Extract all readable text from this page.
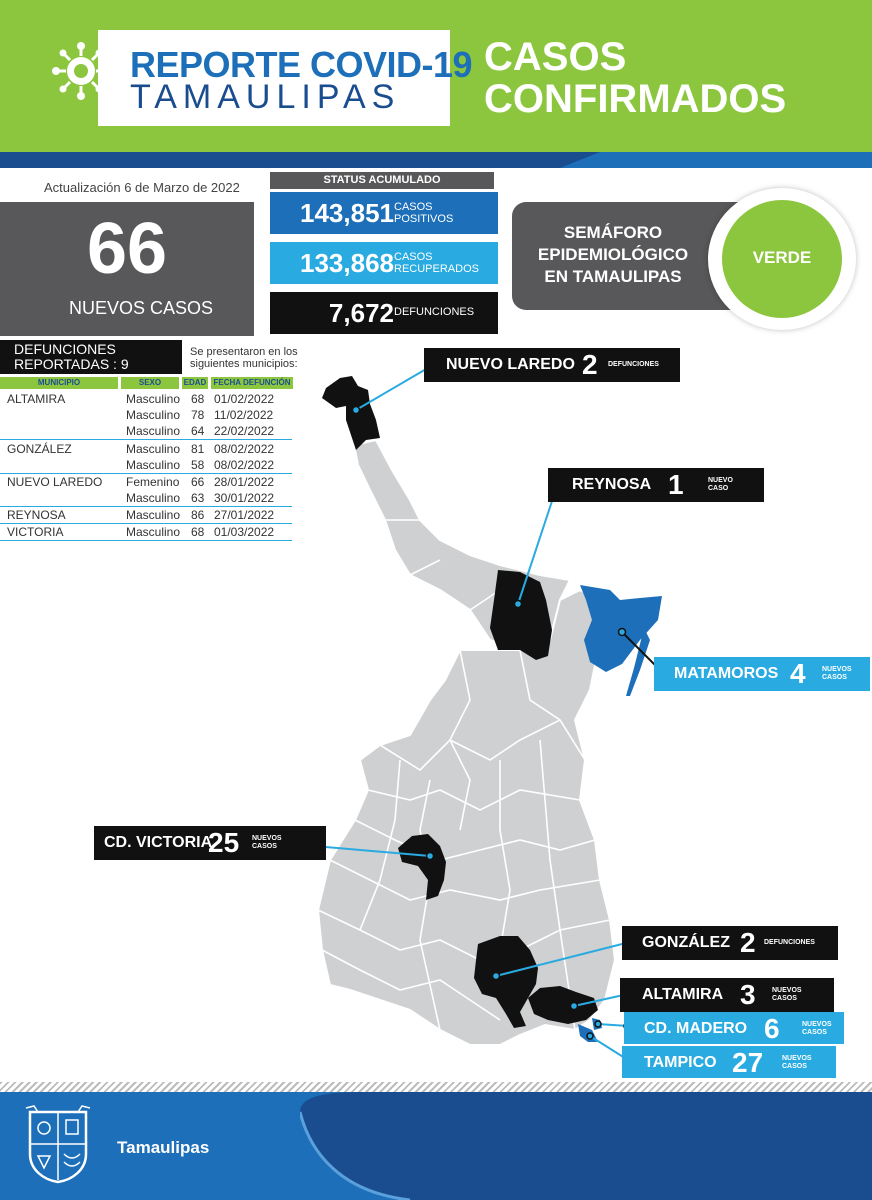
REPORTE COVID-19
TAMAULIPAS
CASOS
CONFIRMADOS
Actualización 6 de Marzo de 2022
66
NUEVOS CASOS
STATUS ACUMULADO
143,851 CASOS
POSITIVOS
133,868 CASOS
RECUPERADOS
7,672 DEFUNCIONES
SEMÁFORO
EPIDEMIOLÓGICO
EN TAMAULIPAS
VERDE
DEFUNCIONES
REPORTADAS : 9
Se presentaron en los
siguientes municipios:
MUNICIPIO	SEXO	EDAD FECHA DEFUNCIÓN
ALTAMIRA	Masculino 68 01/02/2022
Masculino 78 11/02/2022
Masculino 64 22/02/2022
GONZÁLEZ	Masculino 81 08/02/2022
Masculino 58 08/02/2022
NUEVO LAREDO Femenino 66 28/01/2022
Masculino 63 30/01/2022
REYNOSA	Masculino 86 27/01/2022
VICTORIA	Masculino 68 01/03/2022
NUEVO LAREDO 2 DEFUNCIONES
REYNOSA 1	NUEVO
CASO
MATAMOROS 4 NUEVOS
CASOS
CD. VICTORIA
25 NUEVOS
CASOS
GONZÁLEZ 2 DEFUNCIONES
ALTAMIRA 3 NUEVOS
CASOS
CD. MADERO 6	NUEVOS
CASOS
TAMPICO 27	NUEVOS
CASOS
Tamaulipas
